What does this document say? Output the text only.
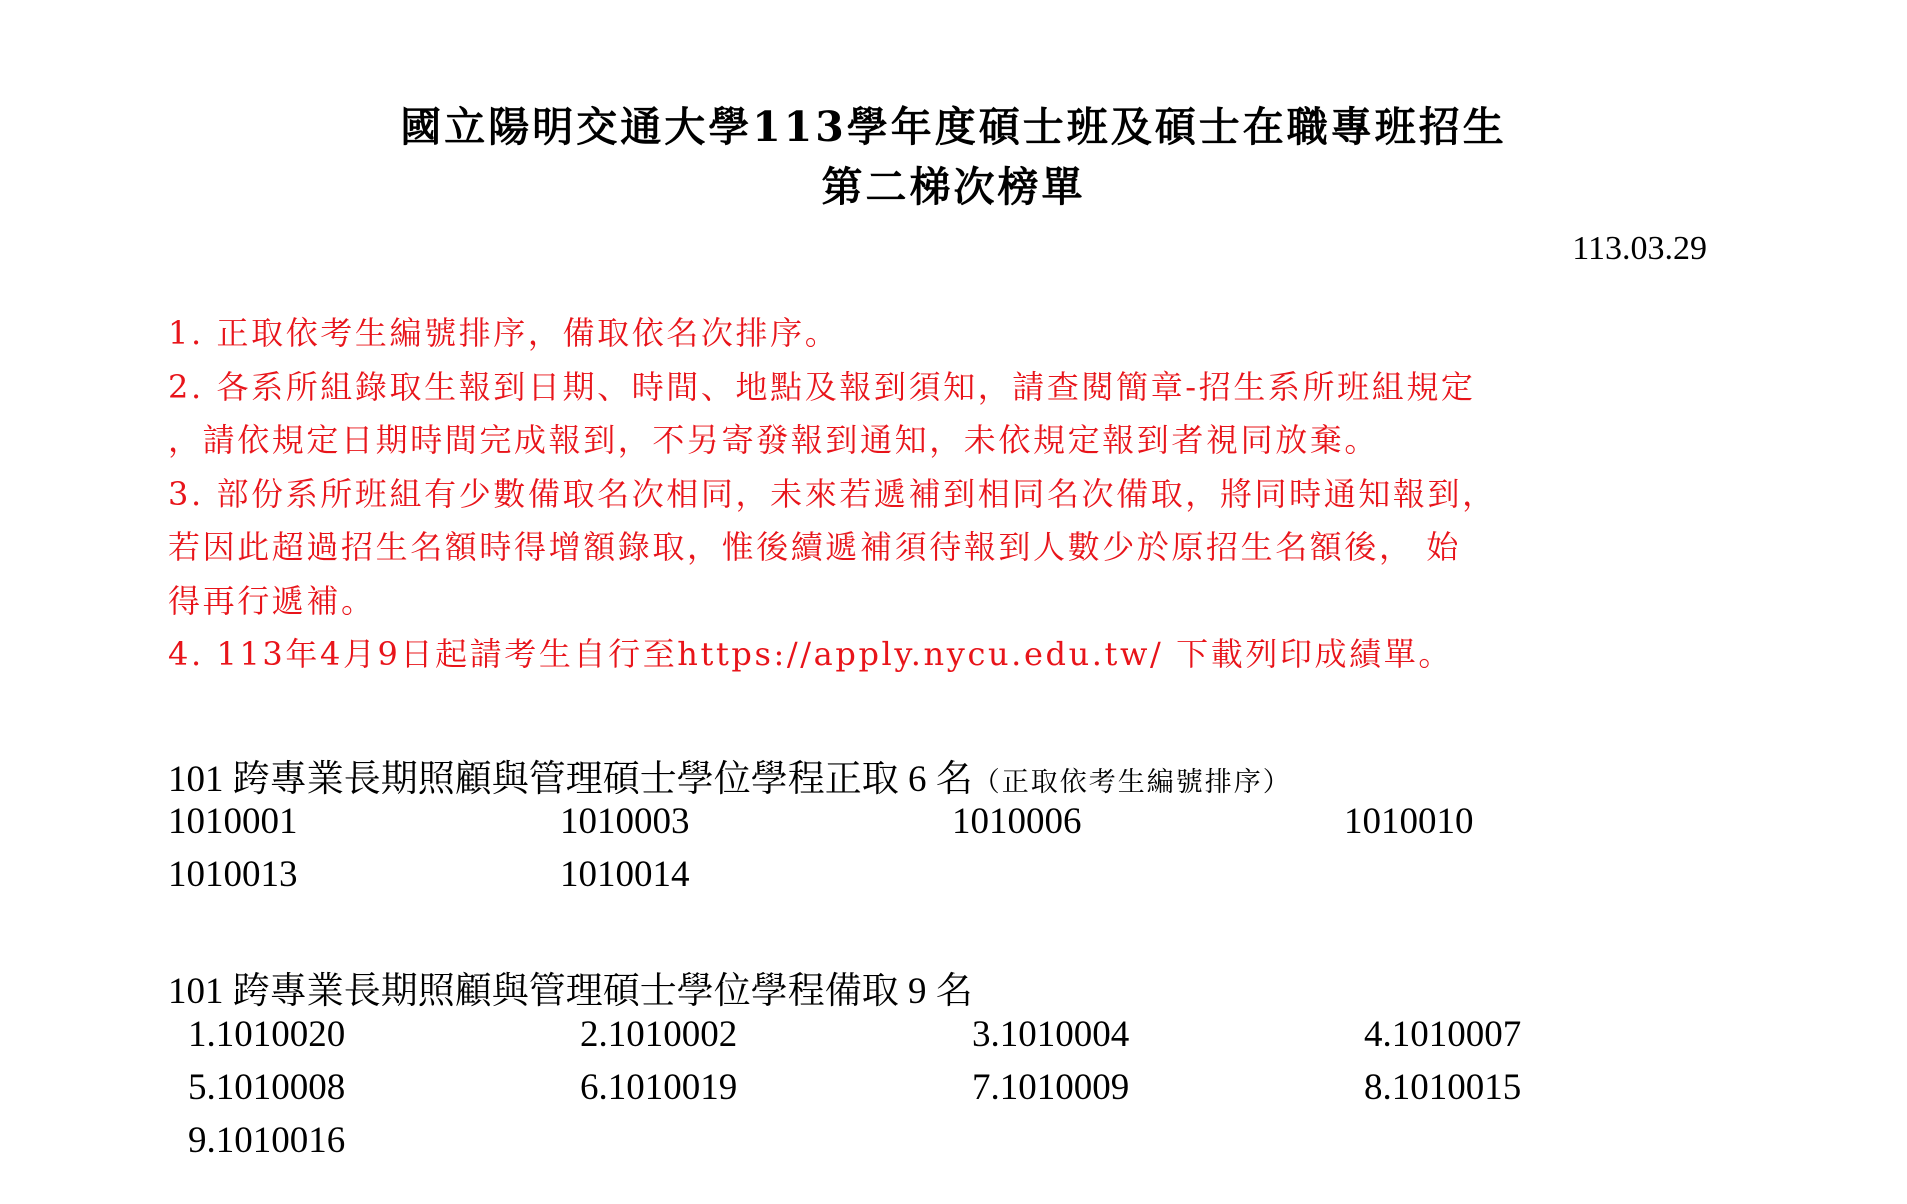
國立陽明交通大學113學年度碩士班及碩士在職專班招生
第二梯次榜單
113.03.29
1. 正取依考生編號排序，備取依名次排序。
2. 各系所組錄取生報到日期、時間、地點及報到須知，請查閱簡章-招生系所班組規定
，請依規定日期時間完成報到，不另寄發報到通知，未依規定報到者視同放棄。
3. 部份系所班組有少數備取名次相同，未來若遞補到相同名次備取，將同時通知報到，
若因此超過招生名額時得增額錄取，惟後續遞補須待報到人數少於原招生名額後， 始
得再行遞補。
4. 113年4月9日起請考生自行至https://apply.nycu.edu.tw/ 下載列印成績單。
101 跨專業長期照顧與管理碩士學位學程正取 6 名（正取依考生編號排序）
1010001	1010003	1010006	1010010
1010013	1010014
101 跨專業長期照顧與管理碩士學位學程備取 9 名
1.1010020	2.1010002	3.1010004	4.1010007
5.1010008	6.1010019	7.1010009	8.1010015
9.1010016
